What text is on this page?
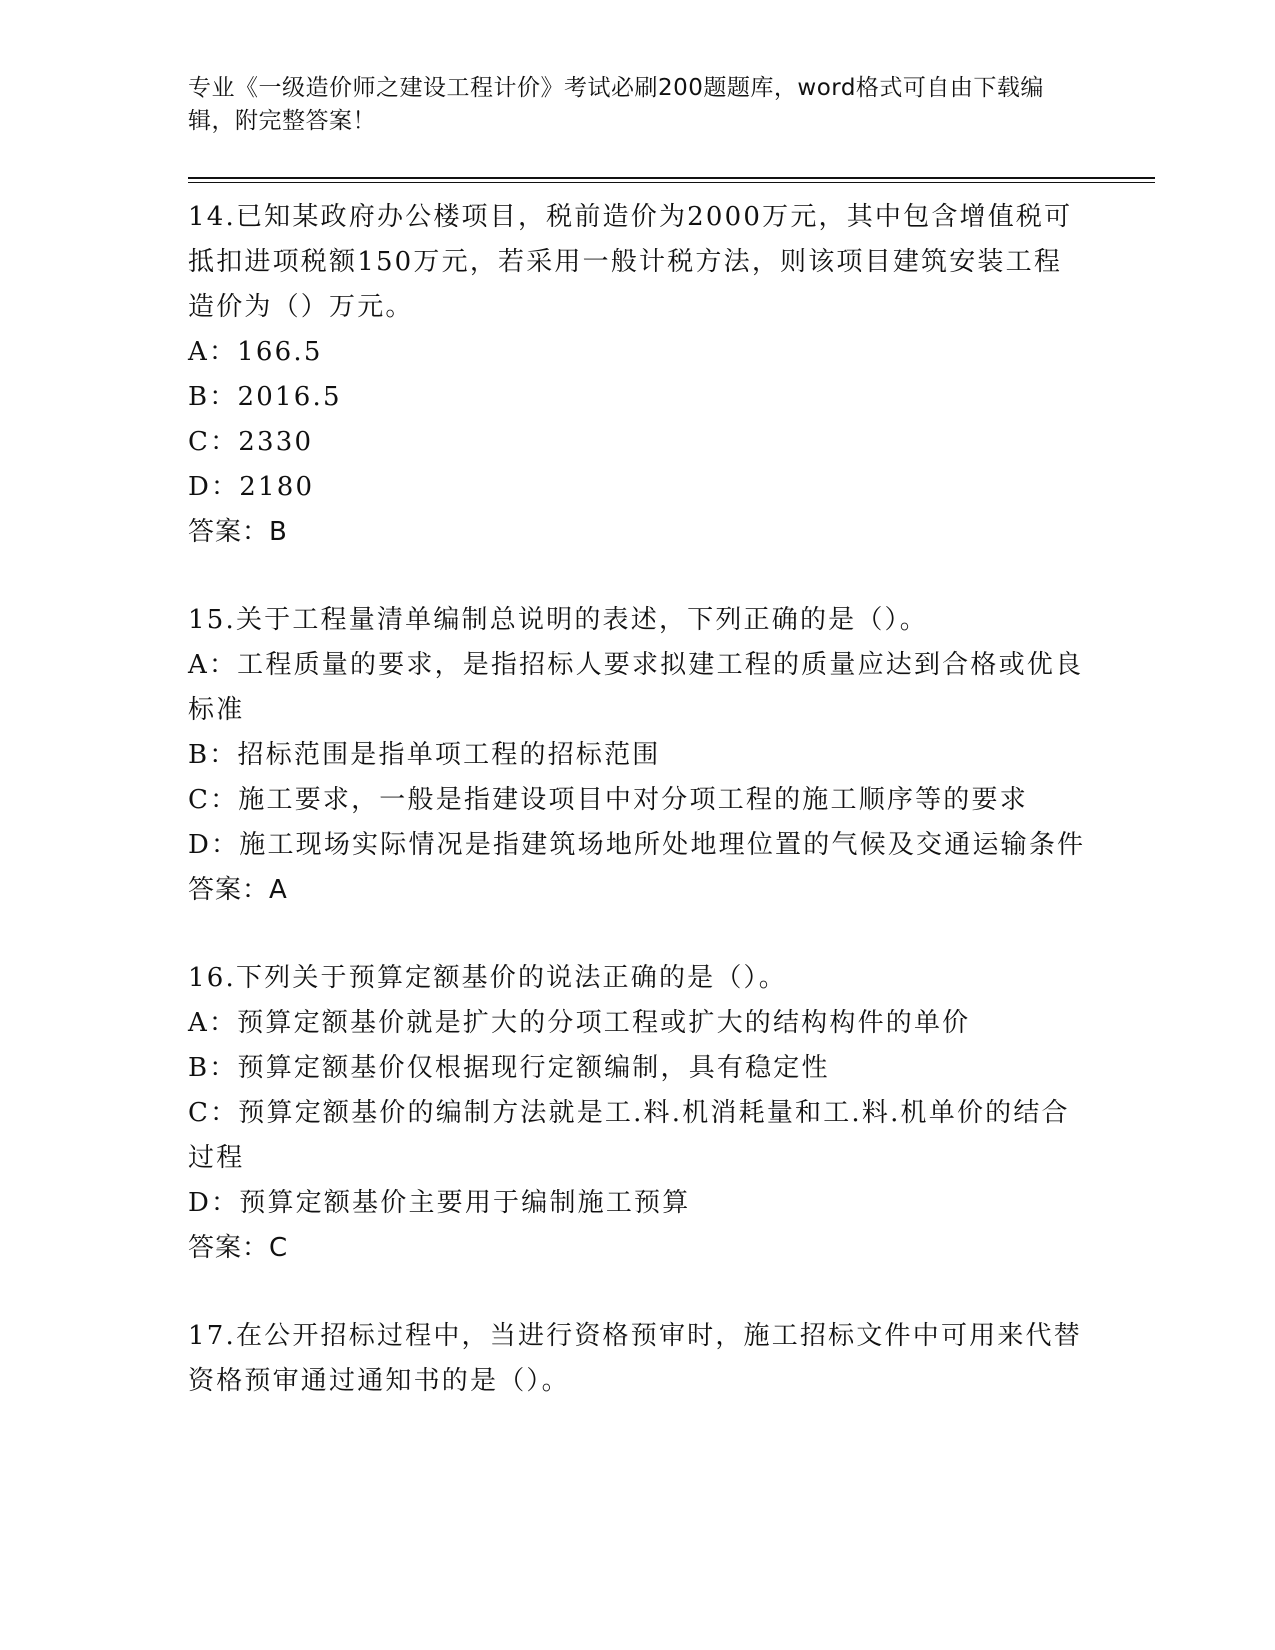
专业《一级造价师之建设工程计价》考试必刷200题题库，word格式可自由下载编辑，附完整答案！

14.已知某政府办公楼项目，税前造价为2000万元，其中包含增值税可抵扣进项税额150万元，若采用一般计税方法，则该项目建筑安装工程造价为（）万元。

A：166.5

B：2016.5

C：2330

D：2180

答案：B

15.关于工程量清单编制总说明的表述，下列正确的是（）。

A：工程质量的要求，是指招标人要求拟建工程的质量应达到合格或优良标准

B：招标范围是指单项工程的招标范围

C：施工要求，一般是指建设项目中对分项工程的施工顺序等的要求

D：施工现场实际情况是指建筑场地所处地理位置的气候及交通运输条件

答案：A

16.下列关于预算定额基价的说法正确的是（）。

A：预算定额基价就是扩大的分项工程或扩大的结构构件的单价

B：预算定额基价仅根据现行定额编制，具有稳定性

C：预算定额基价的编制方法就是工.料.机消耗量和工.料.机单价的结合过程

D：预算定额基价主要用于编制施工预算

答案：C

17.在公开招标过程中，当进行资格预审时，施工招标文件中可用来代替资格预审通过通知书的是（）。
